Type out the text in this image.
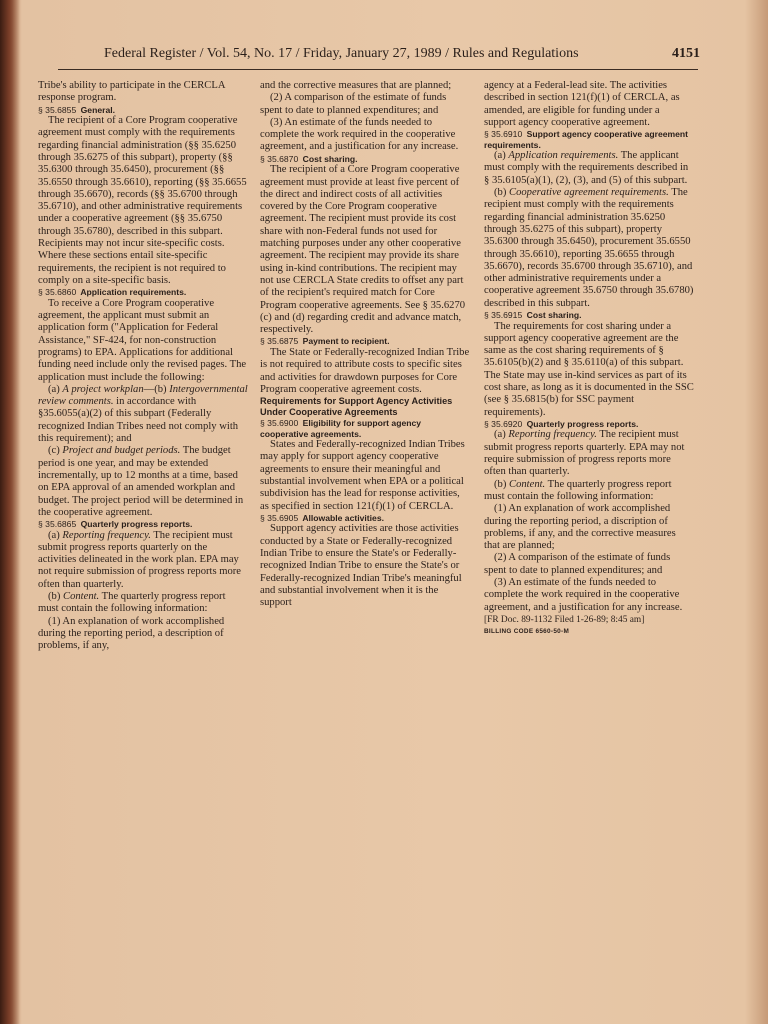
Federal Register / Vol. 54, No. 17 / Friday, January 27, 1989 / Rules and Regulations	4151

Tribe's ability to participate in the CERCLA response program.

§ 35.6855 General.

The recipient of a Core Program cooperative agreement must comply with the requirements regarding financial administration (§§ 35.6250 through 35.6275 of this subpart), property (§§ 35.6300 through 35.6450), procurement (§§ 35.6550 through 35.6610), reporting (§§ 35.6655 through 35.6670), records (§§ 35.6700 through 35.6710), and other administrative requirements under a cooperative agreement (§§ 35.6750 through 35.6780), described in this subpart. Recipients may not incur site-specific costs. Where these sections entail site-specific requirements, the recipient is not required to comply on a site-specific basis.

§ 35.6860 Application requirements.

To receive a Core Program cooperative agreement, the applicant must submit an application form ("Application for Federal Assistance," SF-424, for non-construction programs) to EPA. Applications for additional funding need include only the revised pages. The application must include the following:

(a) A project workplan—(b) Intergovernmental review comments. in accordance with §35.6055(a)(2) of this subpart (Federally recognized Indian Tribes need not comply with this requirement); and

(c) Project and budget periods. The budget period is one year, and may be extended incrementally, up to 12 months at a time, based on EPA approval of an amended workplan and budget. The project period will be determined in the cooperative agreement.

§ 35.6865 Quarterly progress reports.

(a) Reporting frequency. The recipient must submit progress reports quarterly on the activities delineated in the work plan. EPA may not require submission of progress reports more often than quarterly.

(b) Content. The quarterly progress report must contain the following information:

(1) An explanation of work accomplished during the reporting period, a description of problems, if any,

and the corrective measures that are planned;

(2) A comparison of the estimate of funds spent to date to planned expenditures; and

(3) An estimate of the funds needed to complete the work required in the cooperative agreement, and a justification for any increase.

§ 35.6870 Cost sharing.

The recipient of a Core Program cooperative agreement must provide at least five percent of the direct and indirect costs of all activities covered by the Core Program cooperative agreement. The recipient must provide its cost share with non-Federal funds not used for matching purposes under any other cooperative agreement. The recipient may provide its share using in-kind contributions. The recipient may not use CERCLA State credits to offset any part of the recipient's required match for Core Program cooperative agreements. See § 35.6270 (c) and (d) regarding credit and advance match, respectively.

§ 35.6875 Payment to recipient.

The State or Federally-recognized Indian Tribe is not required to attribute costs to specific sites and activities for drawdown purposes for Core Program cooperative agreement costs.

Requirements for Support Agency Activities Under Cooperative Agreements

§ 35.6900 Eligibility for support agency cooperative agreements.

States and Federally-recognized Indian Tribes may apply for support agency cooperative agreements to ensure their meaningful and substantial involvement when EPA or a political subdivision has the lead for response activities, as specified in section 121(f)(1) of CERCLA.

§ 35.6905 Allowable activities.

Support agency activities are those activities conducted by a State or Federally-recognized Indian Tribe to ensure the State's or Federally-recognized Indian Tribe to ensure the State's or Federally-recognized Indian Tribe's meaningful and substantial involvement when it is the support

agency at a Federal-lead site. The activities described in section 121(f)(1) of CERCLA, as amended, are eligible for funding under a support agency cooperative agreement.

§ 35.6910 Support agency cooperative agreement requirements.

(a) Application requirements. The applicant must comply with the requirements described in § 35.6105(a)(1), (2), (3), and (5) of this subpart.

(b) Cooperative agreement requirements. The recipient must comply with the requirements regarding financial administration 35.6250 through 35.6275 of this subpart), property 35.6300 through 35.6450), procurement 35.6550 through 35.6610), reporting 35.6655 through 35.6670), records 35.6700 through 35.6710), and other administrative requirements under a cooperative agreement 35.6750 through 35.6780) described in this subpart.

§ 35.6915 Cost sharing.

The requirements for cost sharing under a support agency cooperative agreement are the same as the cost sharing requirements of § 35.6105(b)(2) and § 35.6110(a) of this subpart. The State may use in-kind services as part of its cost share, as long as it is documented in the SSC (see § 35.6815(b) for SSC payment requirements).

§ 35.6920 Quarterly progress reports.

(a) Reporting frequency. The recipient must submit progress reports quarterly. EPA may not require submission of progress reports more often than quarterly.

(b) Content. The quarterly progress report must contain the following information:

(1) An explanation of work accomplished during the reporting period, a discription of problems, if any, and the corrective measures that are planned;

(2) A comparison of the estimate of funds spent to date to planned expenditures; and

(3) An estimate of the funds needed to complete the work required in the cooperative agreement, and a justification for any increase.

[FR Doc. 89-1132 Filed 1-26-89; 8:45 am]

BILLING CODE 6560-50-M
